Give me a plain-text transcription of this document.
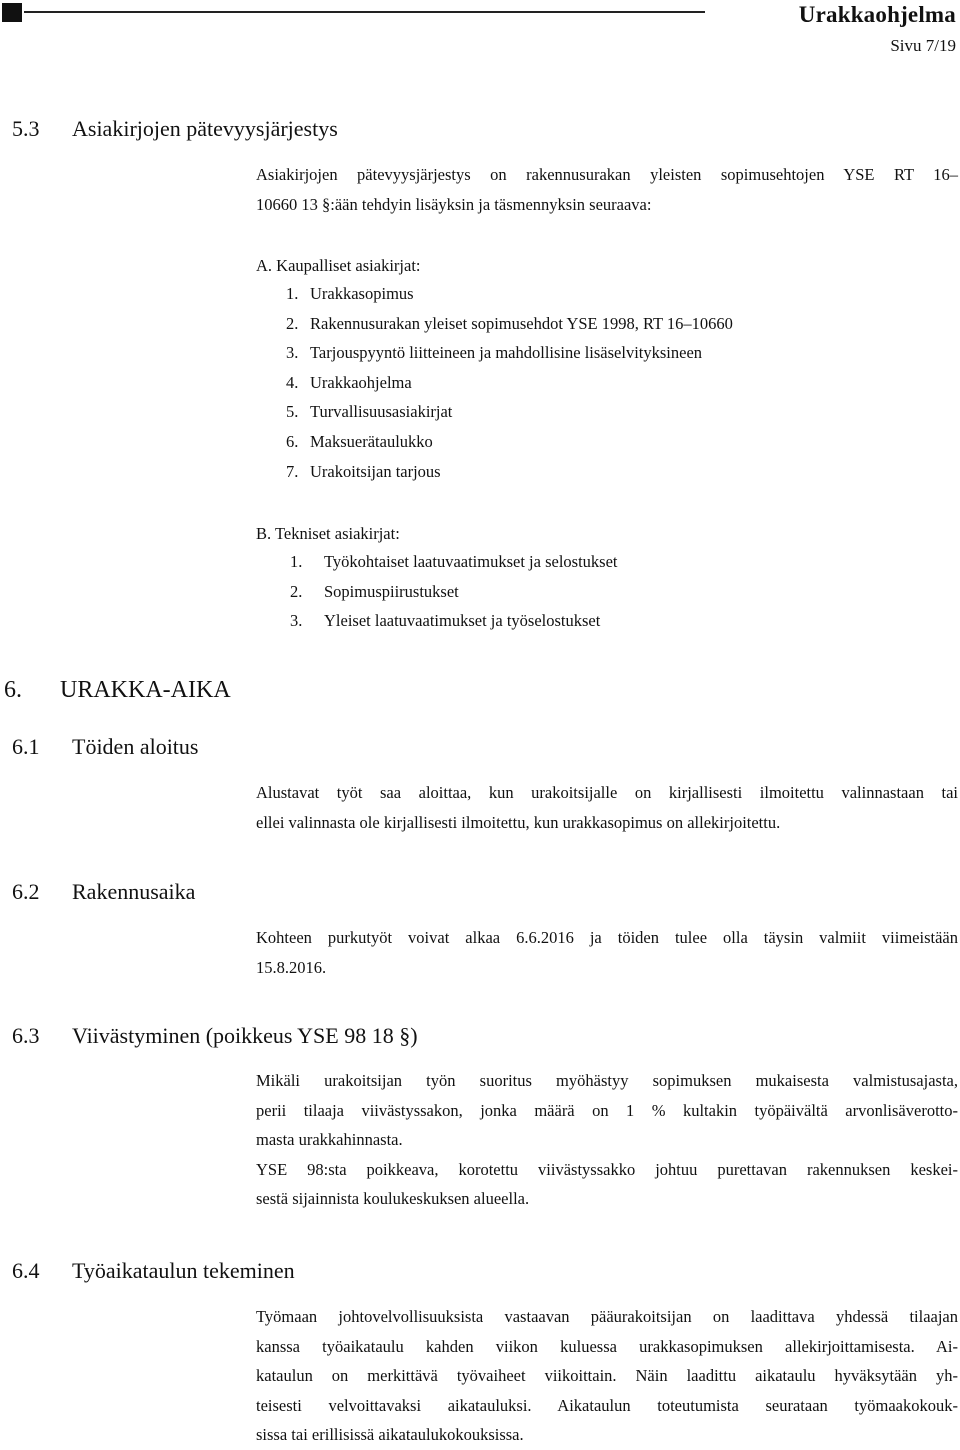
Urakkaohjelma
Sivu 7/19
5.3 Asiakirjojen pätevyysjärjestys
Asiakirjojen pätevyysjärjestys on rakennusurakan yleisten sopimusehtojen YSE RT 16–
10660 13 §:ään tehdyin lisäyksin ja täsmennyksin seuraava:
A. Kaupalliset asiakirjat:
1. Urakkasopimus
2. Rakennusurakan yleiset sopimusehdot YSE 1998, RT 16–10660
3. Tarjouspyyntö liitteineen ja mahdollisine lisäselvityksineen
4. Urakkaohjelma
5. Turvallisuusasiakirjat
6. Maksuerätaulukko
7. Urakoitsijan tarjous
B. Tekniset asiakirjat:
1. Työkohtaiset laatuvaatimukset ja selostukset
2. Sopimuspiirustukset
3. Yleiset laatuvaatimukset ja työselostukset
6. URAKKA-AIKA
6.1 Töiden aloitus
Alustavat työt saa aloittaa, kun urakoitsijalle on kirjallisesti ilmoitettu valinnastaan tai
ellei valinnasta ole kirjallisesti ilmoitettu, kun urakkasopimus on allekirjoitettu.
6.2 Rakennusaika
Kohteen purkutyöt voivat alkaa 6.6.2016 ja töiden tulee olla täysin valmiit viimeistään
15.8.2016.
6.3 Viivästyminen (poikkeus YSE 98 18 §)
Mikäli urakoitsijan työn suoritus myöhästyy sopimuksen mukaisesta valmistusajasta,
perii tilaaja viivästyssakon, jonka määrä on 1 % kultakin työpäivältä arvonlisäverotto-
masta urakkahinnasta.
YSE 98:sta poikkeava, korotettu viivästyssakko johtuu purettavan rakennuksen keskei-
sestä sijainnista koulukeskuksen alueella.
6.4 Työaikataulun tekeminen
Työmaan johtovelvollisuuksista vastaavan pääurakoitsijan on laadittava yhdessä tilaajan
kanssa työaikataulu kahden viikon kuluessa urakkasopimuksen allekirjoittamisesta. Ai-
kataulun on merkittävä työvaiheet viikoittain. Näin laadittu aikataulu hyväksytään yh-
teisesti velvoittavaksi aikatauluksi. Aikataulun toteutumista seurataan työmaakokouk-
sissa tai erillisissä aikataulukokouksissa.
